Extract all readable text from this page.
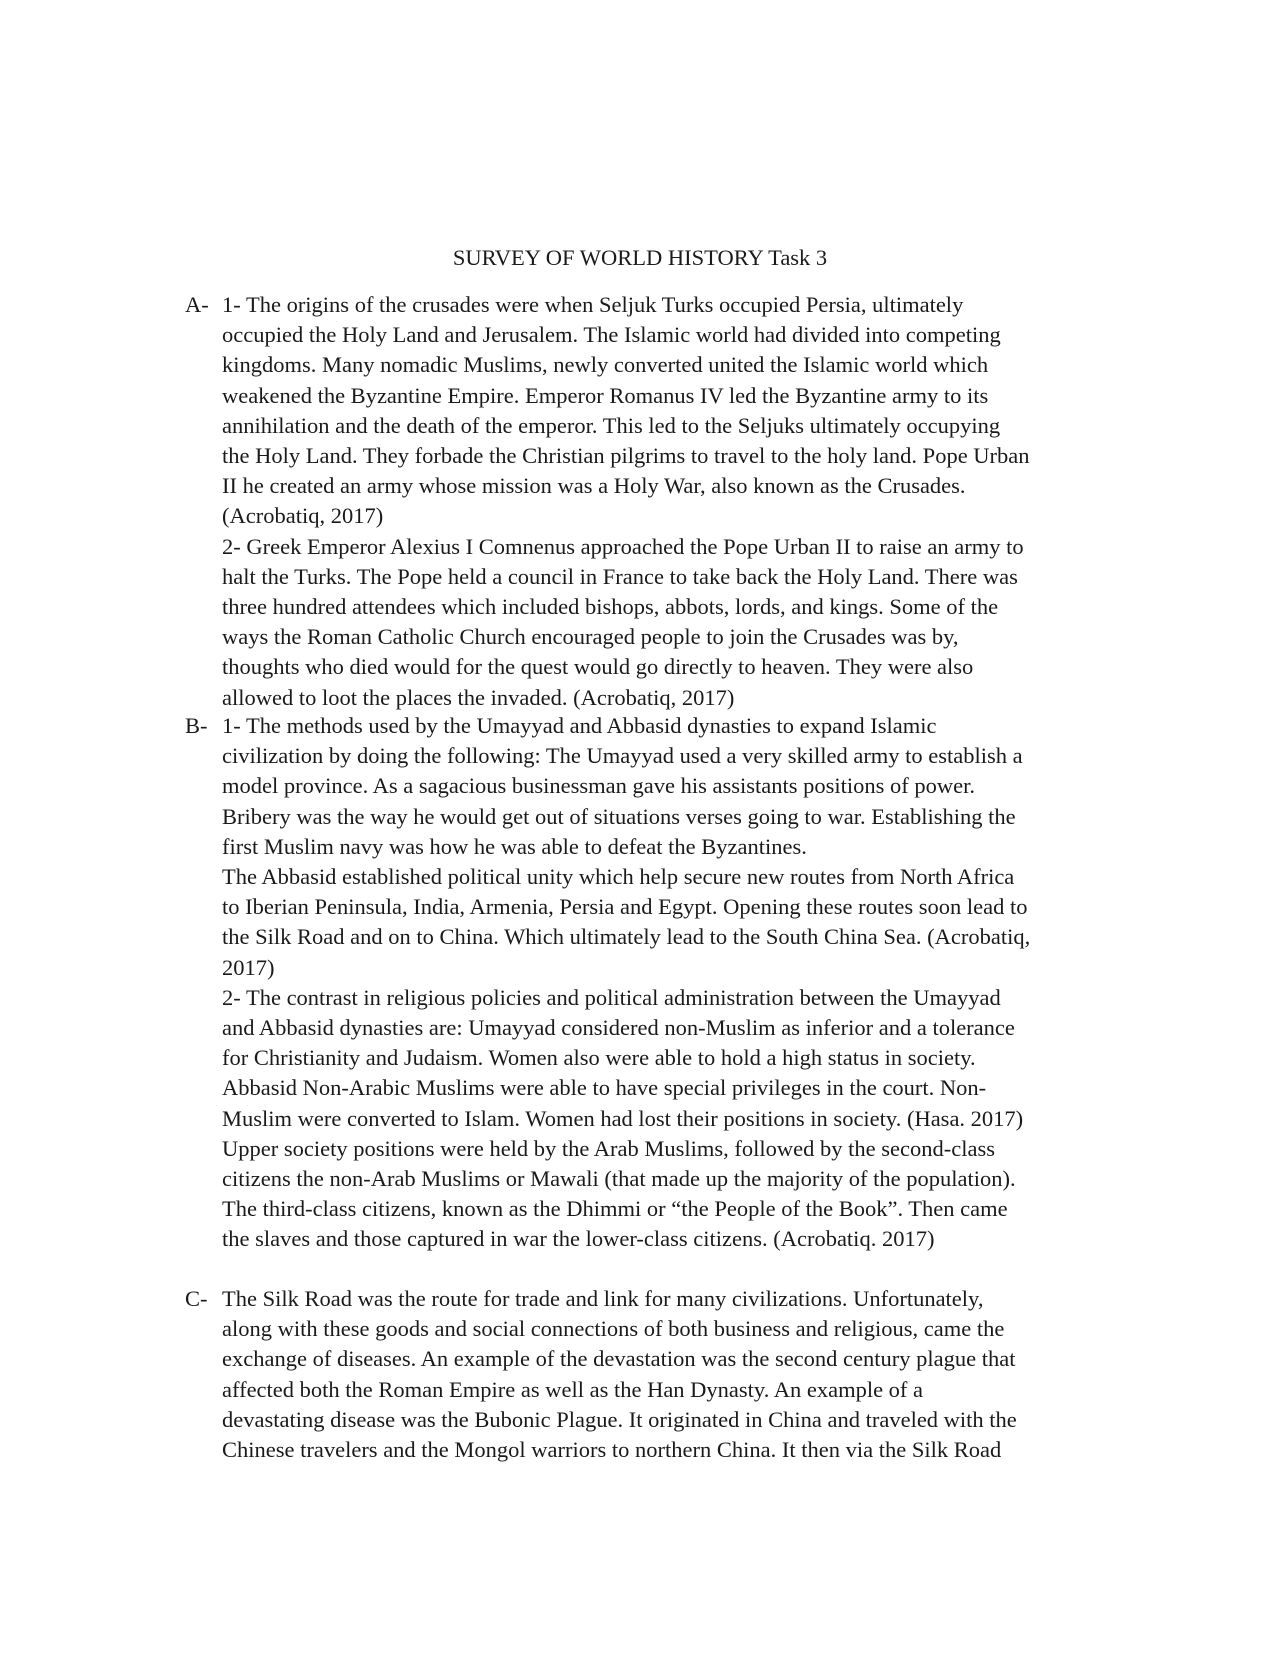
SURVEY OF WORLD HISTORY Task 3
A- 1- The origins of the crusades were when Seljuk Turks occupied Persia, ultimately

occupied the Holy Land and Jerusalem. The Islamic world had divided into competing

kingdoms. Many nomadic Muslims, newly converted united the Islamic world which

weakened the Byzantine Empire. Emperor Romanus IV led the Byzantine army to its

annihilation and the death of the emperor. This led to the Seljuks ultimately occupying

the Holy Land. They forbade the Christian pilgrims to travel to the holy land. Pope Urban

II he created an army whose mission was a Holy War, also known as the Crusades.

(Acrobatiq, 2017)

2- Greek Emperor Alexius I Comnenus approached the Pope Urban II to raise an army to

halt the Turks. The Pope held a council in France to take back the Holy Land. There was

three hundred attendees which included bishops, abbots, lords, and kings. Some of the

ways the Roman Catholic Church encouraged people to join the Crusades was by,

thoughts who died would for the quest would go directly to heaven. They were also

allowed to loot the places the invaded. (Acrobatiq, 2017)

B- 1- The methods used by the Umayyad and Abbasid dynasties to expand Islamic

civilization by doing the following: The Umayyad used a very skilled army to establish a

model province. As a sagacious businessman gave his assistants positions of power.

Bribery was the way he would get out of situations verses going to war. Establishing the

first Muslim navy was how he was able to defeat the Byzantines.

The Abbasid established political unity which help secure new routes from North Africa

to Iberian Peninsula, India, Armenia, Persia and Egypt. Opening these routes soon lead to

the Silk Road and on to China. Which ultimately lead to the South China Sea. (Acrobatiq,

2017)

2- The contrast in religious policies and political administration between the Umayyad

and Abbasid dynasties are: Umayyad considered non-Muslim as inferior and a tolerance

for Christianity and Judaism. Women also were able to hold a high status in society.

Abbasid Non-Arabic Muslims were able to have special privileges in the court. Non-

Muslim were converted to Islam. Women had lost their positions in society. (Hasa. 2017)

Upper society positions were held by the Arab Muslims, followed by the second-class

citizens the non-Arab Muslims or Mawali (that made up the majority of the population).

The third-class citizens, known as the Dhimmi or “the People of the Book”. Then came

the slaves and those captured in war the lower-class citizens. (Acrobatiq. 2017)

C- The Silk Road was the route for trade and link for many civilizations. Unfortunately,

along with these goods and social connections of both business and religious, came the

exchange of diseases. An example of the devastation was the second century plague that

affected both the Roman Empire as well as the Han Dynasty. An example of a

devastating disease was the Bubonic Plague. It originated in China and traveled with the

Chinese travelers and the Mongol warriors to northern China. It then via the Silk Road
